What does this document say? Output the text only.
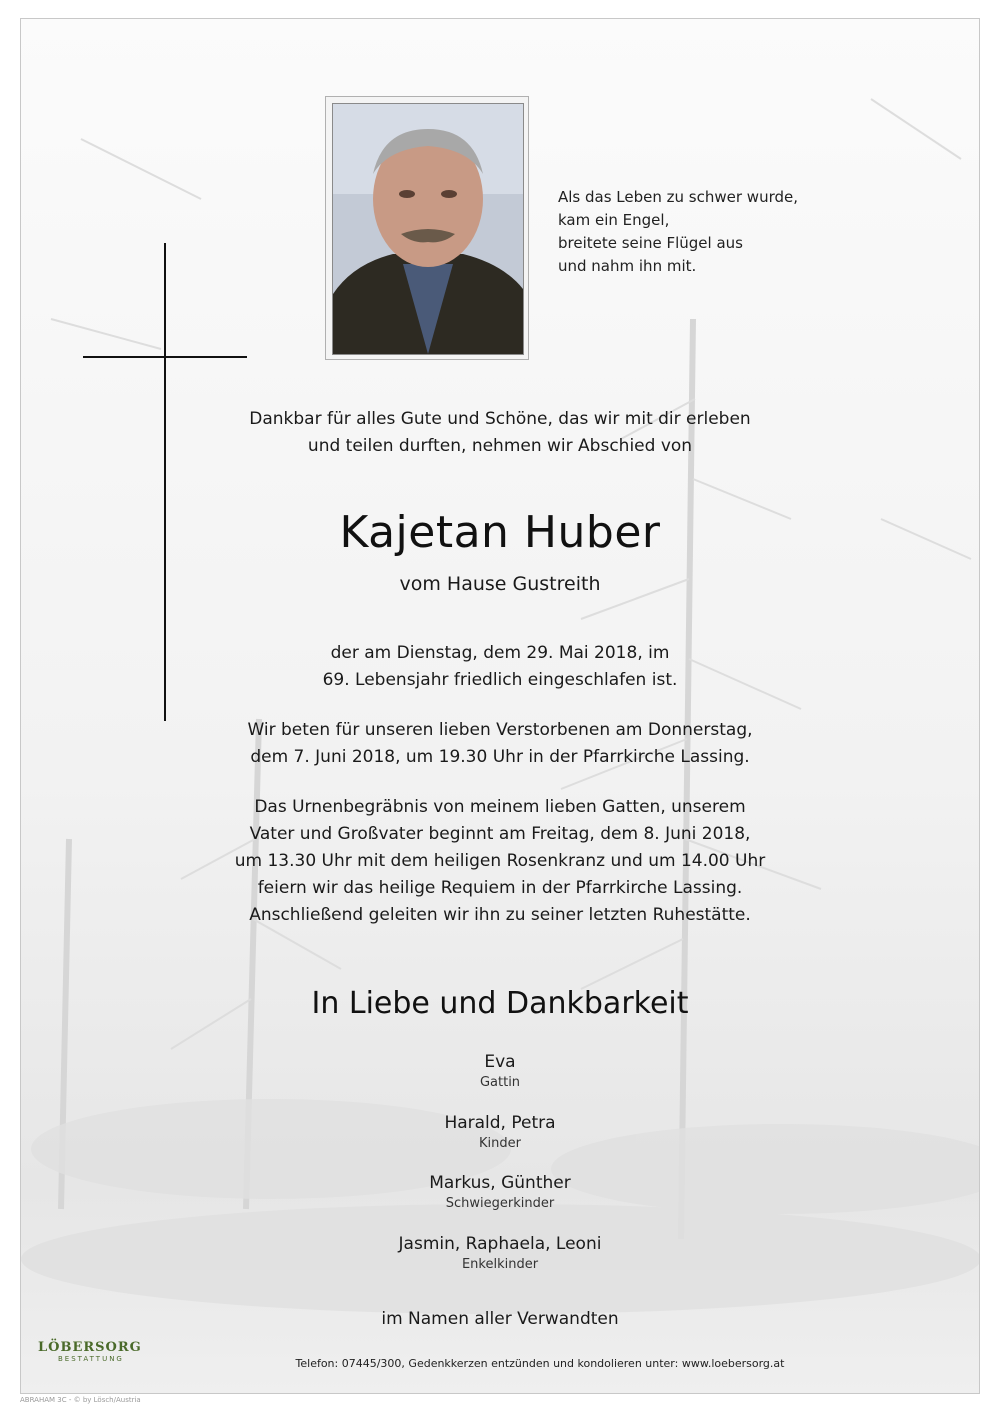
Als das Leben zu schwer wurde,
kam ein Engel,
breitete seine Flügel aus
und nahm ihn mit.
Dankbar für alles Gute und Schöne, das wir mit dir erleben
und teilen durften, nehmen wir Abschied von
Kajetan Huber
vom Hause Gustreith
der am Dienstag, dem 29. Mai 2018, im
69. Lebensjahr friedlich eingeschlafen ist.
Wir beten für unseren lieben Verstorbenen am Donnerstag,
dem 7. Juni 2018, um 19.30 Uhr in der Pfarrkirche Lassing.
Das Urnenbegräbnis von meinem lieben Gatten, unserem
Vater und Großvater beginnt am Freitag, dem 8. Juni 2018,
um 13.30 Uhr mit dem heiligen Rosenkranz und um 14.00 Uhr
feiern wir das heilige Requiem in der Pfarrkirche Lassing.
Anschließend geleiten wir ihn zu seiner letzten Ruhestätte.
In Liebe und Dankbarkeit
Eva
Gattin
Harald, Petra
Kinder
Markus, Günther
Schwiegerkinder
Jasmin, Raphaela, Leoni
Enkelkinder
im Namen aller Verwandten
LÖBERSORG
BESTATTUNG	Telefon: 07445/300, Gedenkkerzen entzünden und kondolieren unter: www.loebersorg.at
ABRAHAM 3C - © by Lösch/Austria
